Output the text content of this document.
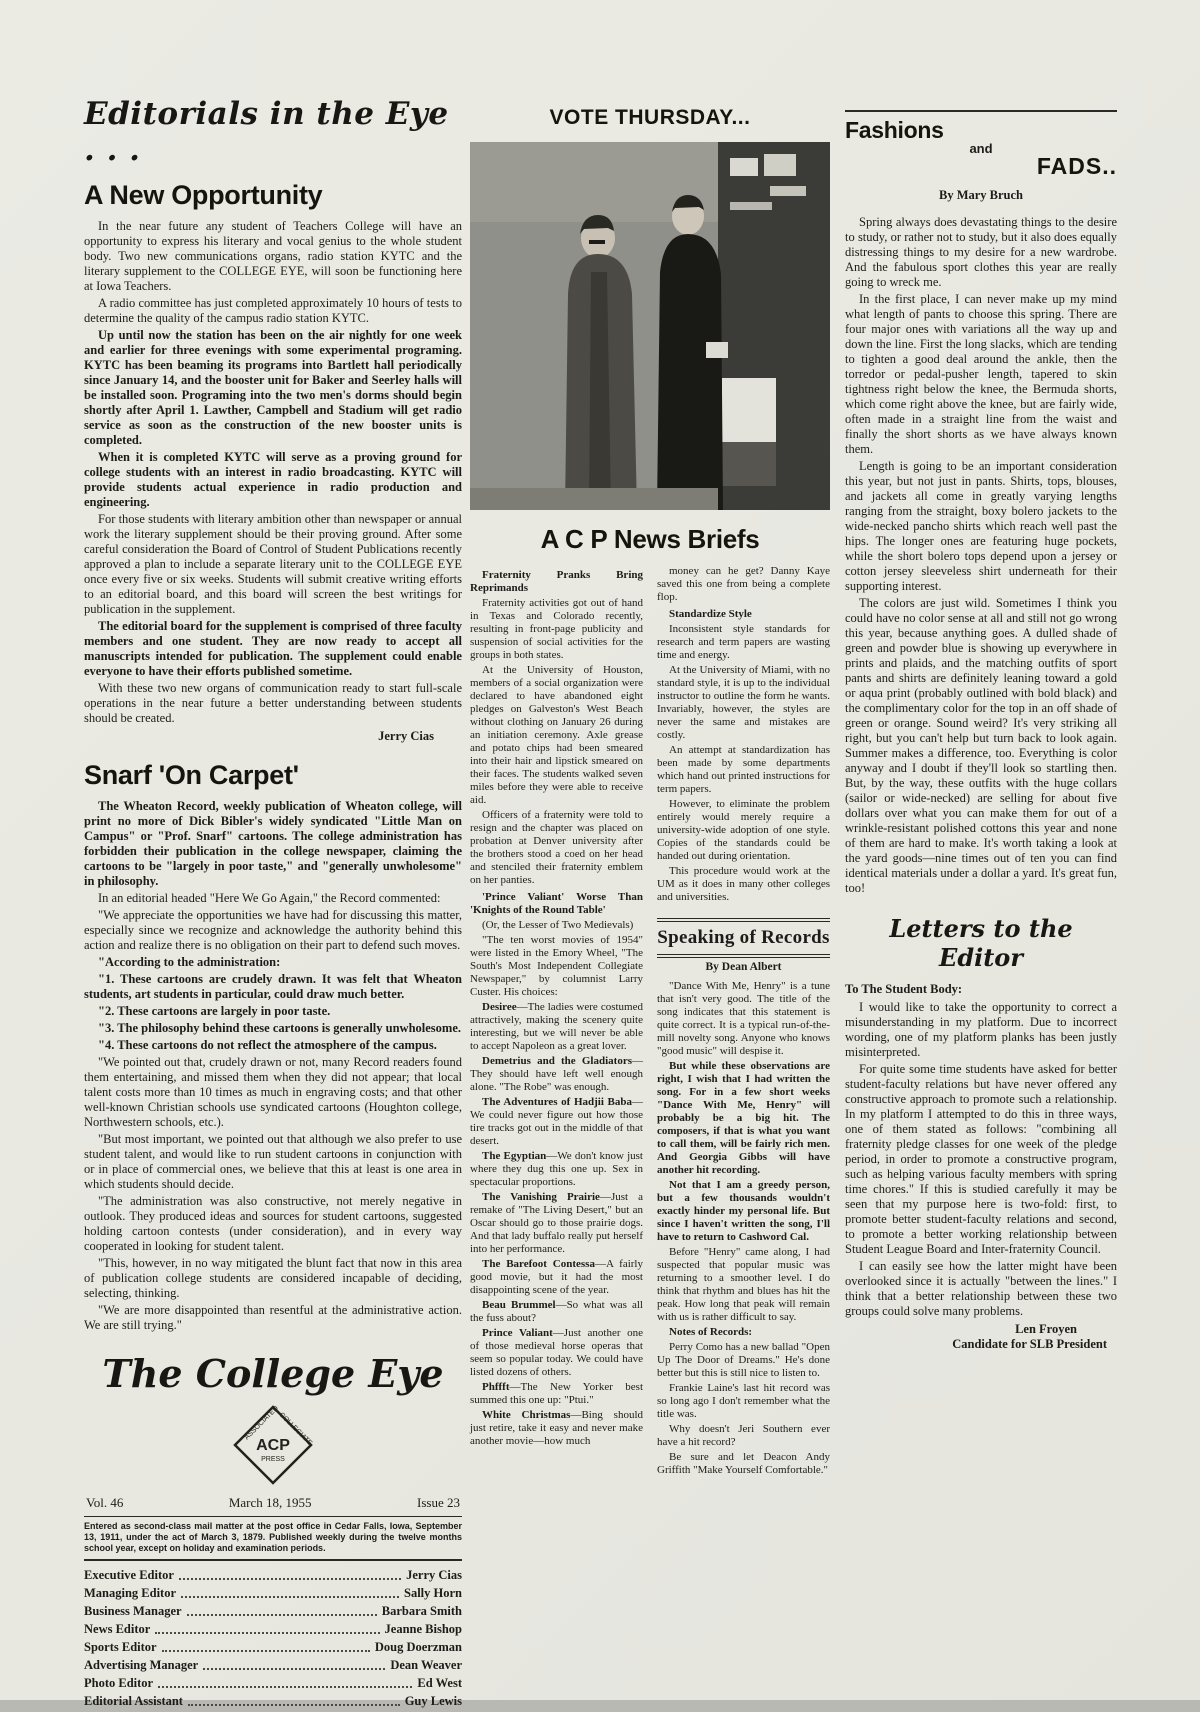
Editorials in the Eye . . .
A New Opportunity

In the near future any student of Teachers College will have an opportunity to express his literary and vocal genius to the whole student body. Two new communications organs, radio station KYTC and the literary supplement to the COLLEGE EYE, will soon be functioning here at Iowa Teachers.

A radio committee has just completed approximately 10 hours of tests to determine the quality of the campus radio station KYTC.

Up until now the station has been on the air nightly for one week and earlier for three evenings with some experimental programing. KYTC has been beaming its programs into Bartlett hall periodically since January 14, and the booster unit for Baker and Seerley halls will be installed soon. Programing into the two men's dorms should begin shortly after April 1. Lawther, Campbell and Stadium will get radio service as soon as the construction of the new booster units is completed.

When it is completed KYTC will serve as a proving ground for college students with an interest in radio broadcasting. KYTC will provide students actual experience in radio production and engineering.

For those students with literary ambition other than newspaper or annual work the literary supplement should be their proving ground. After some careful consideration the Board of Control of Student Publications recently approved a plan to include a separate literary unit to the COLLEGE EYE once every five or six weeks. Students will submit creative writing efforts to an editorial board, and this board will screen the best writings for publication in the supplement.

The editorial board for the supplement is comprised of three faculty members and one student. They are now ready to accept all manuscripts intended for publication. The supplement could enable everyone to have their efforts published sometime.

With these two new organs of communication ready to start full-scale operations in the near future a better understanding between students should be created.

Jerry Cias

Snarf 'On Carpet'

The Wheaton Record, weekly publication of Wheaton college, will print no more of Dick Bibler's widely syndicated "Little Man on Campus" or "Prof. Snarf" cartoons. The college administration has forbidden their publication in the college newspaper, claiming the cartoons to be "largely in poor taste," and "generally unwholesome" in philosophy.

In an editorial headed "Here We Go Again," the Record commented:

"We appreciate the opportunities we have had for discussing this matter, especially since we recognize and acknowledge the authority behind this action and realize there is no obligation on their part to defend such moves.

"According to the administration:

"1. These cartoons are crudely drawn. It was felt that Wheaton students, art students in particular, could draw much better.

"2. These cartoons are largely in poor taste.

"3. The philosophy behind these cartoons is generally unwholesome.

"4. These cartoons do not reflect the atmosphere of the campus.

"We pointed out that, crudely drawn or not, many Record readers found them entertaining, and missed them when they did not appear; that local talent costs more than 10 times as much in engraving costs; and that other well-known Christian schools use syndicated cartoons (Houghton college, Northwestern schools, etc.).

"But most important, we pointed out that although we also prefer to use student talent, and would like to run student cartoons in conjunction with or in place of commercial ones, we believe that this at least is one area in which students should decide.

"The administration was also constructive, not merely negative in outlook. They produced ideas and sources for student cartoons, suggested holding cartoon contests (under consideration), and in every way cooperated in looking for student talent.

"This, however, in no way mitigated the blunt fact that now in this area of publication college students are considered incapable of deciding, selecting, thinking.

"We are more disappointed than resentful at the administrative action. We are still trying."

The College Eye
ASSOCIATED
COLLEGIATE
ACP
PRESS
Vol. 46	March 18, 1955	Issue 23

Entered as second-class mail matter at the post office in Cedar Falls, Iowa, September 13, 1911, under the act of March 3, 1879. Published weekly during the twelve months school year, except on holiday and examination periods.

Executive Editor	Jerry Cias
Managing Editor	Sally Horn
Business Manager	Barbara Smith
News Editor	Jeanne Bishop
Sports Editor	Doug Doerzman
Advertising Manager	Dean Weaver
Photo Editor	Ed West
Editorial Assistant	Guy Lewis
VOTE THURSDAY...
A C P News Briefs

Fraternity Pranks Bring Reprimands

Fraternity activities got out of hand in Texas and Colorado recently, resulting in front-page publicity and suspension of social activities for the groups in both states.

At the University of Houston, members of a social organization were declared to have abandoned eight pledges on Galveston's West Beach without clothing on January 26 during an initiation ceremony. Axle grease and potato chips had been smeared into their hair and lipstick smeared on their faces. The students walked seven miles before they were able to receive aid.

Officers of a fraternity were told to resign and the chapter was placed on probation at Denver university after the brothers stood a coed on her head and stenciled their fraternity emblem on her panties.

'Prince Valiant' Worse Than 'Knights of the Round Table'

(Or, the Lesser of Two Medievals)

"The ten worst movies of 1954" were listed in the Emory Wheel, "The South's Most Independent Collegiate Newspaper," by columnist Larry Custer. His choices:

Desiree—The ladies were costumed attractively, making the scenery quite interesting, but we will never be able to accept Napoleon as a great lover.

Demetrius and the Gladiators—They should have left well enough alone. "The Robe" was enough.

The Adventures of Hadjii Baba—We could never figure out how those tire tracks got out in the middle of that desert.

The Egyptian—We don't know just where they dug this one up. Sex in spectacular proportions.

The Vanishing Prairie—Just a remake of "The Living Desert," but an Oscar should go to those prairie dogs. And that lady buffalo really put herself into her performance.

The Barefoot Contessa—A fairly good movie, but it had the most disappointing scene of the year.

Beau Brummel—So what was all the fuss about?

Prince Valiant—Just another one of those medieval horse operas that seem so popular today. We could have listed dozens of others.

Phffft—The New Yorker best summed this one up: "Ptui."

White Christmas—Bing should just retire, take it easy and never make another movie—how much

money can he get? Danny Kaye saved this one from being a complete flop.

Standardize Style

Inconsistent style standards for research and term papers are wasting time and energy.

At the University of Miami, with no standard style, it is up to the individual instructor to outline the form he wants. Invariably, however, the styles are never the same and mistakes are costly.

An attempt at standardization has been made by some departments which hand out printed instructions for term papers.

However, to eliminate the problem entirely would merely require a university-wide adoption of one style. Copies of the standards could be handed out during orientation.

This procedure would work at the UM as it does in many other colleges and universities.

Speaking of Records

By Dean Albert

"Dance With Me, Henry" is a tune that isn't very good. The title of the song indicates that this statement is quite correct. It is a typical run-of-the-mill novelty song. Anyone who knows "good music" will despise it.

But while these observations are right, I wish that I had written the song. For in a few short weeks "Dance With Me, Henry" will probably be a big hit. The composers, if that is what you want to call them, will be fairly rich men. And Georgia Gibbs will have another hit recording.

Not that I am a greedy person, but a few thousands wouldn't exactly hinder my personal life. But since I haven't written the song, I'll have to return to Cashword Cal.

Before "Henry" came along, I had suspected that popular music was returning to a smoother level. I do think that rhythm and blues has hit the peak. How long that peak will remain with us is rather difficult to say.

Notes of Records:

Perry Como has a new ballad "Open Up The Door of Dreams." He's done better but this is still nice to listen to.

Frankie Laine's last hit record was so long ago I don't remember what the title was.

Why doesn't Jeri Southern ever have a hit record?

Be sure and let Deacon Andy Griffith "Make Yourself Comfortable."

Fashions
and
FADS..
By Mary Bruch

Spring always does devastating things to the desire to study, or rather not to study, but it also does equally distressing things to my desire for a new wardrobe. And the fabulous sport clothes this year are really going to wreck me.

In the first place, I can never make up my mind what length of pants to choose this spring. There are four major ones with variations all the way up and down the line. First the long slacks, which are tending to tighten a good deal around the ankle, then the torredor or pedal-pusher length, tapered to skin tightness right below the knee, the Bermuda shorts, which come right above the knee, but are fairly wide, often made in a straight line from the waist and finally the short shorts as we have always known them.

Length is going to be an important consideration this year, but not just in pants. Shirts, tops, blouses, and jackets all come in greatly varying lengths ranging from the straight, boxy bolero jackets to the wide-necked pancho shirts which reach well past the hips. The longer ones are featuring huge pockets, while the short bolero tops depend upon a jersey or cotton jersey sleeveless shirt underneath for their supporting interest.

The colors are just wild. Sometimes I think you could have no color sense at all and still not go wrong this year, because anything goes. A dulled shade of green and powder blue is showing up everywhere in prints and plaids, and the matching outfits of sport pants and shirts are definitely leaning toward a gold or aqua print (probably outlined with bold black) and the complimentary color for the top in an off shade of green or orange. Sound weird? It's very striking all right, but you can't help but turn back to look again. Summer makes a difference, too. Everything is color anyway and I doubt if they'll look so startling then. But, by the way, these outfits with the huge collars (sailor or wide-necked) are selling for about five dollars over what you can make them for out of a wrinkle-resistant polished cottons this year and none of them are hard to make. It's worth taking a look at the yard goods—nine times out of ten you can find identical materials under a dollar a yard. It's great fun, too!

Letters to the Editor

To The Student Body:

I would like to take the opportunity to correct a misunderstanding in my platform. Due to incorrect wording, one of my platform planks has been justly misinterpreted.

For quite some time students have asked for better student-faculty relations but have never offered any constructive approach to promote such a relationship. In my platform I attempted to do this in three ways, one of them stated as follows: "combining all fraternity pledge classes for one week of the pledge period, in order to promote a constructive program, such as helping various faculty members with spring time chores." If this is studied carefully it may be seen that my purpose here is two-fold: first, to promote better student-faculty relations and second, to promote a better working relationship between Student League Board and Inter-fraternity Council.

I can easily see how the latter might have been overlooked since it is actually "between the lines." I think that a better relationship between these two groups could solve many problems.

Len Froyen

Candidate for SLB President
